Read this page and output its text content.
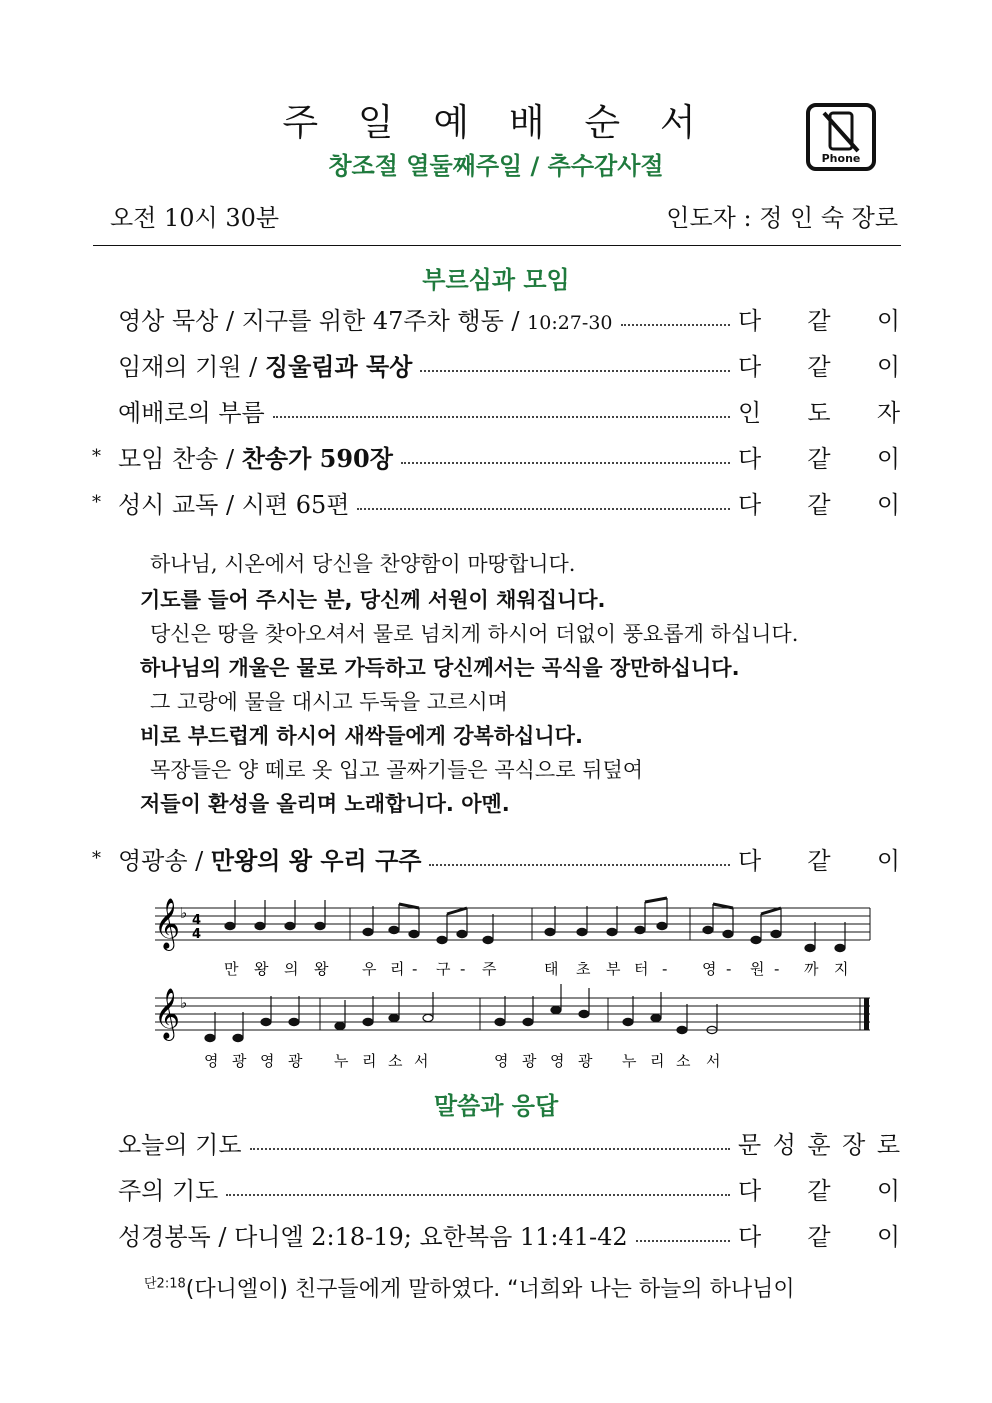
주 일 예 배 순 서
창조절 열둘째주일 / 추수감사절	Phone
오전 10시 30분	인도자 : 정 인 숙 장로
부르심과 모임
영상 묵상 / 지구를 위한 47주차 행동 / 10:27-30	다 같 이
임재의 기원 / 징울림과 묵상	다 같 이
예배로의 부름	인 도 자
* 모임 찬송 / 찬송가 590장	다 같 이
* 성시 교독 / 시편 65편	다 같 이
하나님, 시온에서 당신을 찬양함이 마땅합니다.
기도를 들어 주시는 분, 당신께 서원이 채워집니다.
당신은 땅을 찾아오셔서 물로 넘치게 하시어 더없이 풍요롭게 하십니다.
하나님의 개울은 물로 가득하고 당신께서는 곡식을 장만하십니다.
그 고랑에 물을 대시고 두둑을 고르시며
비로 부드럽게 하시어 새싹들에게 강복하십니다.
목장들은 양 떼로 옷 입고 골짜기들은 곡식으로 뒤덮여
저들이 환성을 올리며 노래합니다. 아멘.
* 영광송 / 만왕의 왕 우리 구주	다 같 이
𝄞
𝄞
♭
♭
4
4
만 왕 의 왕 우 리 - 구 - 주	태 초 부 터 - 영 - 원 - 까 지
영 광 영 광 누 리 소 서	영 광 영 광 누 리 소 서
말씀과 응답
오늘의 기도	문 성 훈 장 로
주의 기도	다 같 이
성경봉독 / 다니엘 2:18-19; 요한복음 11:41-42	다 같 이
$^{단2:18}$(다니엘이) 친구들에게 말하였다. “너희와 나는 하늘의 하나님이
